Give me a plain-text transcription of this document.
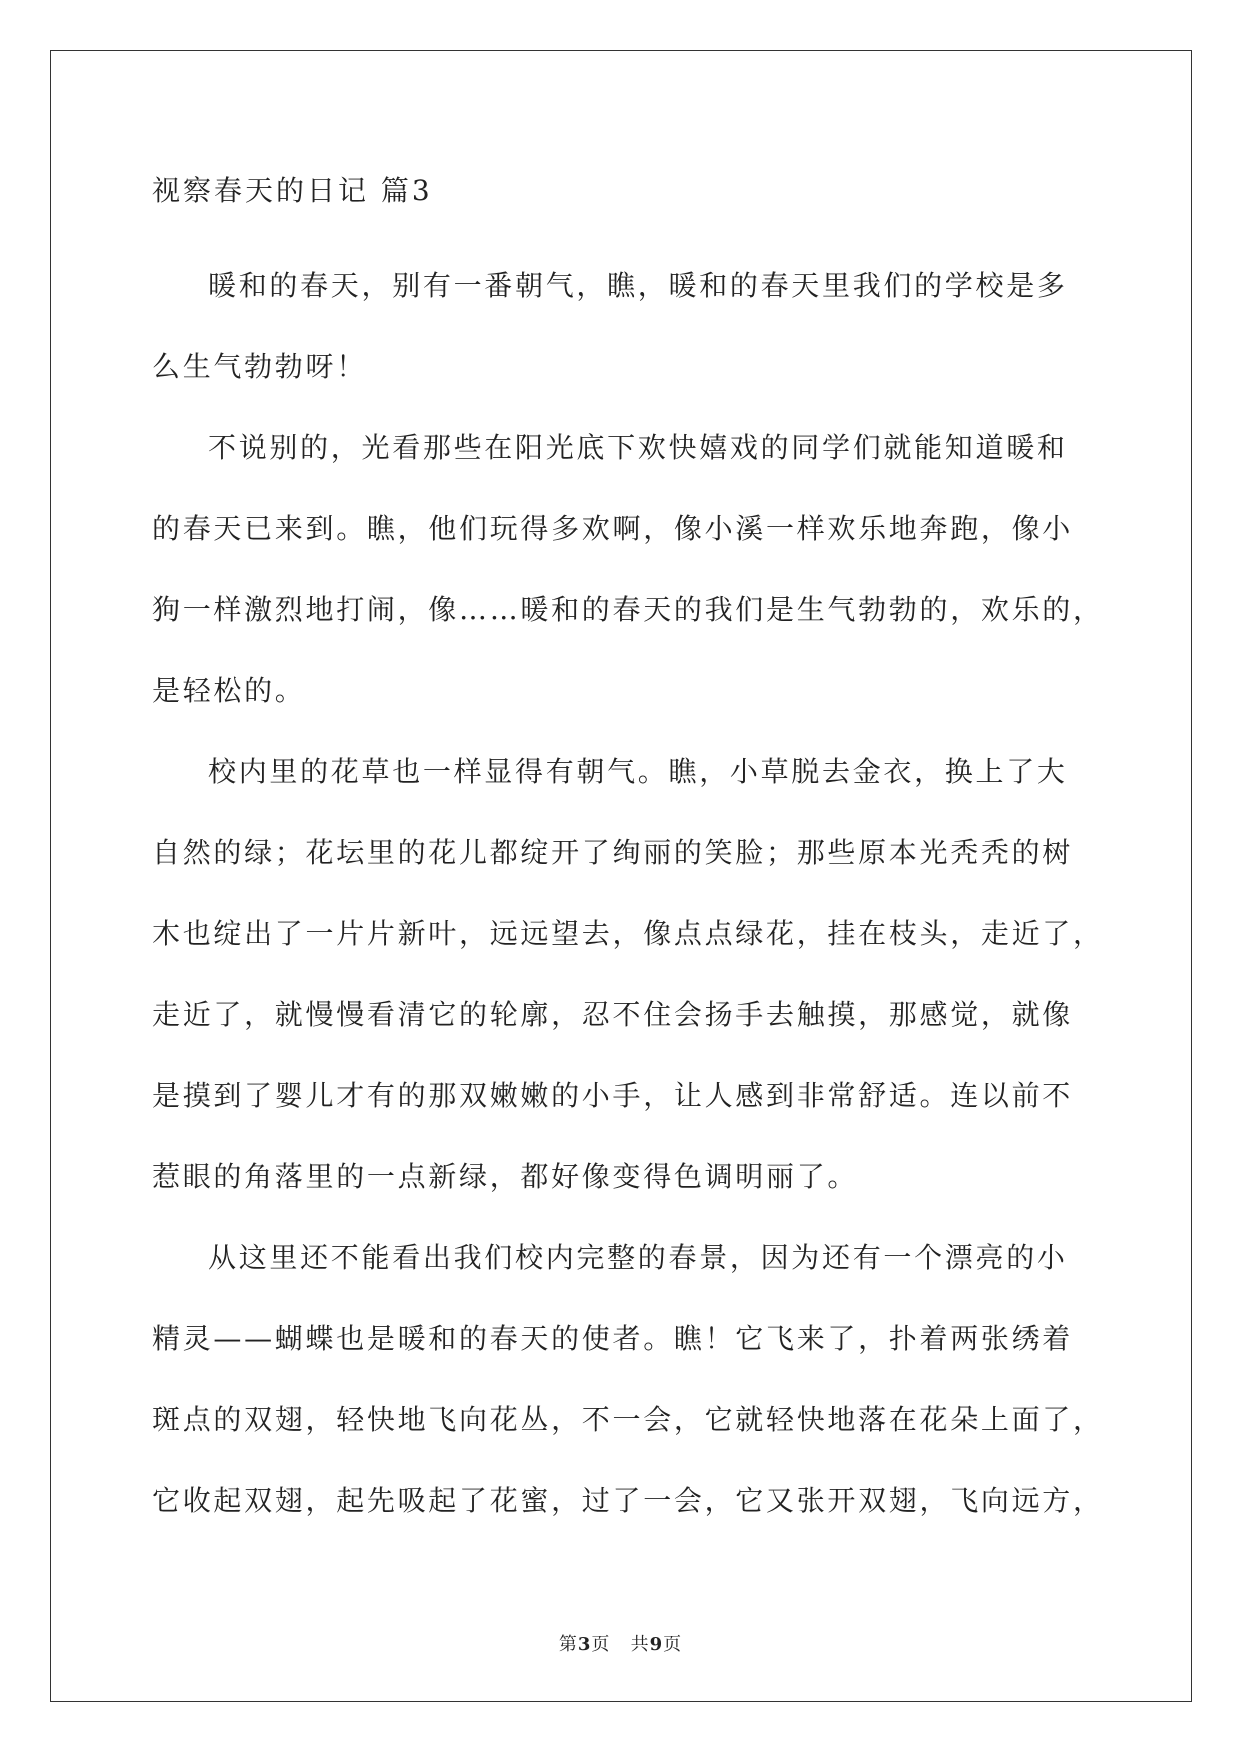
视察春天的日记 篇3
暖和的春天，别有一番朝气，瞧，暖和的春天里我们的学校是多
么生气勃勃呀！
不说别的，光看那些在阳光底下欢快嬉戏的同学们就能知道暖和
的春天已来到。瞧，他们玩得多欢啊，像小溪一样欢乐地奔跑，像小
狗一样激烈地打闹，像……暖和的春天的我们是生气勃勃的，欢乐的，
是轻松的。
校内里的花草也一样显得有朝气。瞧，小草脱去金衣，换上了大
自然的绿；花坛里的花儿都绽开了绚丽的笑脸；那些原本光秃秃的树
木也绽出了一片片新叶，远远望去，像点点绿花，挂在枝头，走近了，
走近了，就慢慢看清它的轮廓，忍不住会扬手去触摸，那感觉，就像
是摸到了婴儿才有的那双嫩嫩的小手，让人感到非常舒适。连以前不
惹眼的角落里的一点新绿，都好像变得色调明丽了。
从这里还不能看出我们校内完整的春景，因为还有一个漂亮的小
精灵——蝴蝶也是暖和的春天的使者。瞧！它飞来了，扑着两张绣着
斑点的双翅，轻快地飞向花丛，不一会，它就轻快地落在花朵上面了，
它收起双翅，起先吸起了花蜜，过了一会，它又张开双翅，飞向远方，
第3页 共9页
